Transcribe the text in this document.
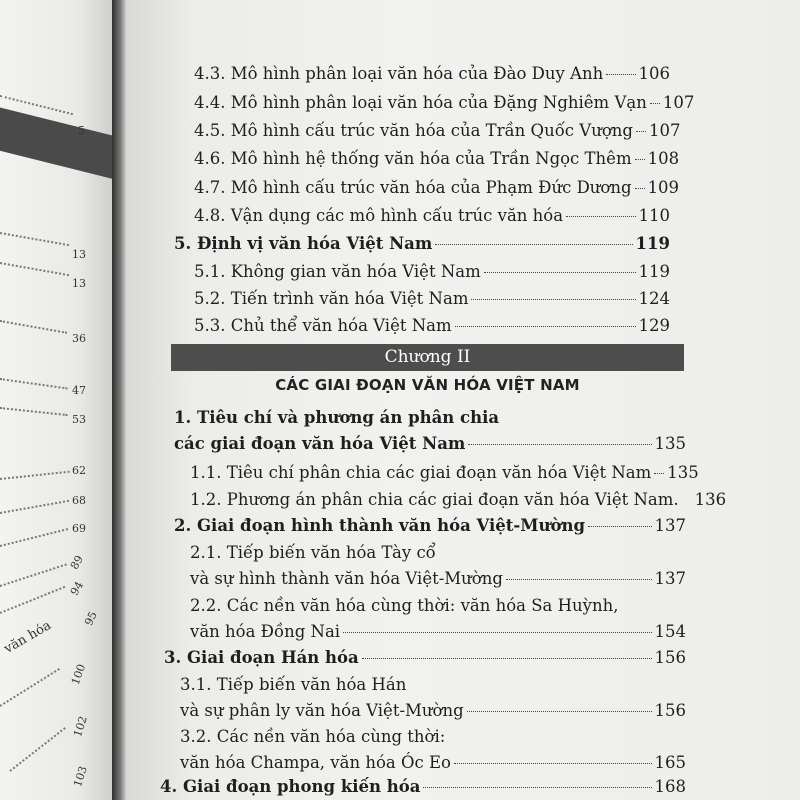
5
13
13
36
47
53
62
68
69
89
94
văn hóa	95
100
102
103
4.3. Mô hình phân loại văn hóa của Đào Duy Anh 106
4.4. Mô hình phân loại văn hóa của Đặng Nghiêm Vạn 107
4.5. Mô hình cấu trúc văn hóa của Trần Quốc Vượng 107
4.6. Mô hình hệ thống văn hóa của Trần Ngọc Thêm 108
4.7. Mô hình cấu trúc văn hóa của Phạm Đức Dương 109
4.8. Vận dụng các mô hình cấu trúc văn hóa	110
5. Định vị văn hóa Việt Nam	119
5.1. Không gian văn hóa Việt Nam	119
5.2. Tiến trình văn hóa Việt Nam	124
5.3. Chủ thể văn hóa Việt Nam	129
Chương II
CÁC GIAI ĐOẠN VĂN HÓA VIỆT NAM
1. Tiêu chí và phương án phân chia
các giai đoạn văn hóa Việt Nam	135
1.1. Tiêu chí phân chia các giai đoạn văn hóa Việt Nam 135
1.2. Phương án phân chia các giai đoạn văn hóa Việt Nam. 136
2. Giai đoạn hình thành văn hóa Việt-Mường	137
2.1. Tiếp biến văn hóa Tày cổ
và sự hình thành văn hóa Việt-Mường	137
2.2. Các nền văn hóa cùng thời: văn hóa Sa Huỳnh,
văn hóa Đồng Nai	154
3. Giai đoạn Hán hóa	156
3.1. Tiếp biến văn hóa Hán
và sự phân ly văn hóa Việt-Mường	156
3.2. Các nền văn hóa cùng thời:
văn hóa Champa, văn hóa Óc Eo	165
4. Giai đoạn phong kiến hóa	168
